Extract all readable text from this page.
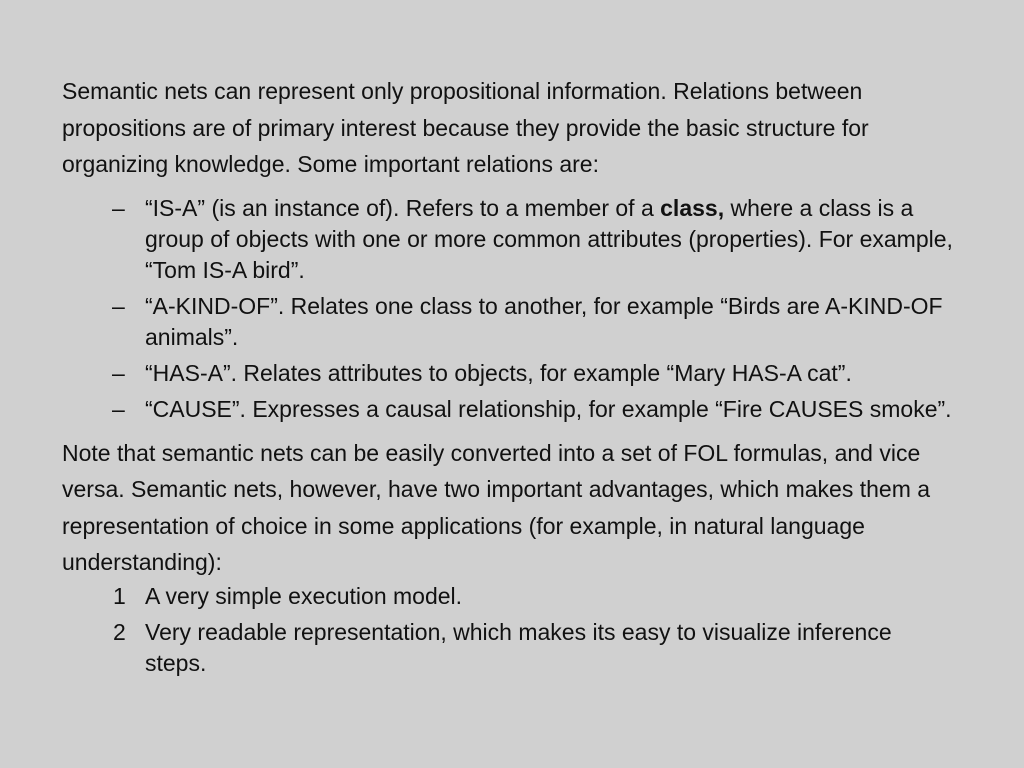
Semantic nets can represent only propositional information. Relations between propositions are of primary interest because they provide the basic structure for organizing knowledge. Some important relations are:

– “IS-A” (is an instance of). Refers to a member of a class, where a class is a group of objects with one or more common attributes (properties). For example, “Tom IS-A bird”.
– “A-KIND-OF”. Relates one class to another, for example “Birds are A-KIND-OF animals”.
– “HAS-A”. Relates attributes to objects, for example “Mary HAS-A cat”.
– “CAUSE”. Expresses a causal relationship, for example “Fire CAUSES smoke”.

Note that semantic nets can be easily converted into a set of FOL formulas, and vice versa. Semantic nets, however, have two important advantages, which makes them a representation of choice in some applications (for example, in natural language understanding):

1 A very simple execution model.
2 Very readable representation, which makes its easy to visualize inference steps.
